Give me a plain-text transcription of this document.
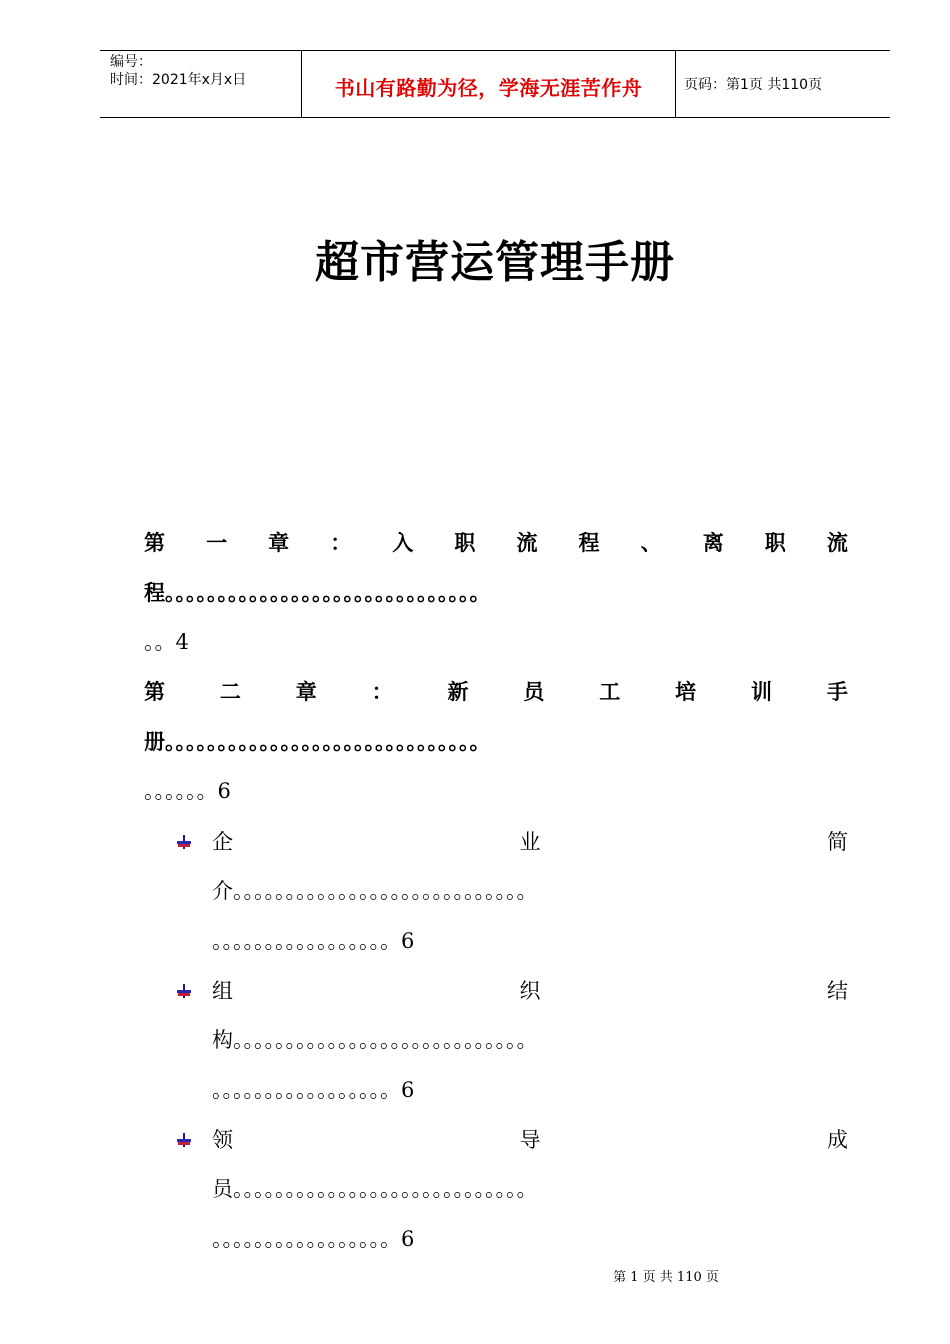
编号：
时间：2021年x月x日	书山有路勤为径，学海无涯苦作舟	页码：第1页 共110页
超市营运管理手册
第 一 章 ： 入 职 流 程 、 离 职 流
程。。。。。。。。。。。。。。。。。。。。。。。。。。。。。。
。。4
第	二	章	：	新	员	工	培	训	手
册。。。。。。。。。。。。。。。。。。。。。。。。。。。。。。
。。。。。。6
企	业	简
介。。。。。。。。。。。。。。。。。。。。。。。。。。。。
。。。。。。。。。。。。。。。。。6
组	织	结
构。。。。。。。。。。。。。。。。。。。。。。。。。。。。
。。。。。。。。。。。。。。。。。6
领	导	成
员。。。。。。。。。。。。。。。。。。。。。。。。。。。。
。。。。。。。。。。。。。。。。。6
第 1 页 共 110 页
